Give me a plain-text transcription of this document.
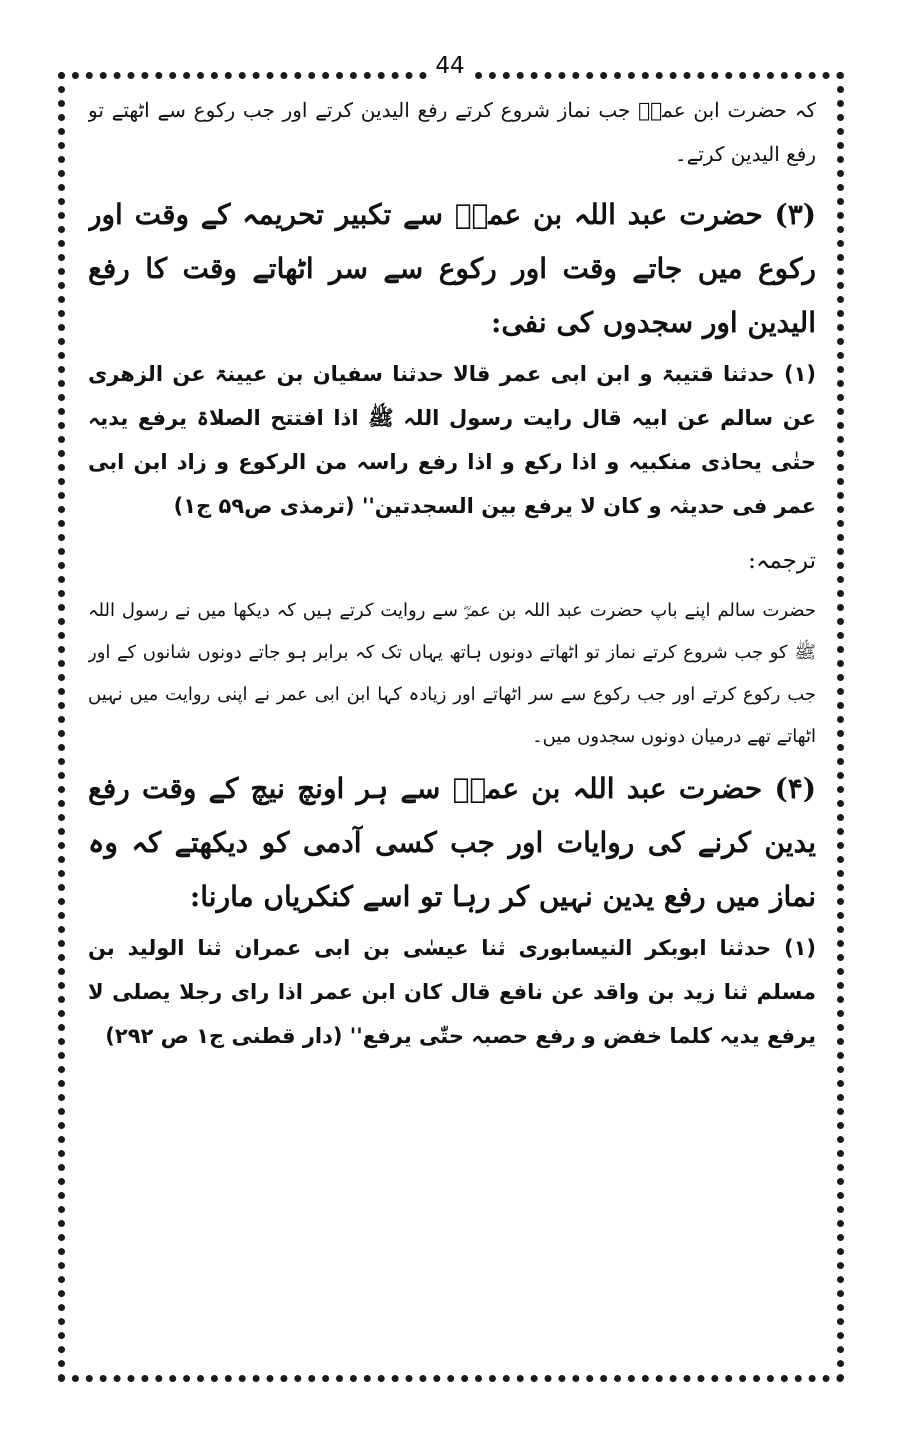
44

کہ حضرت ابن عمرؓ جب نماز شروع کرتے رفع الیدین کرتے اور جب رکوع سے اٹھتے تو رفع الیدین کرتے۔

(۳) حضرت عبد اللہ بن عمرؓ سے تکبیر تحریمہ کے وقت اور رکوع میں جاتے وقت اور رکوع سے سر اٹھاتے وقت کا رفع الیدین اور سجدوں کی نفی:

(۱) حدثنا قتیبۃ و ابن ابی عمر قالا حدثنا سفیان بن عیینۃ عن الزھری عن سالم عن ابیہ قال رایت رسول اللہ ﷺ اذا افتتح الصلاۃ یرفع یدیہ حتٰی یحاذی منکبیہ و اذا رکع و اذا رفع راسہ من الرکوع و زاد ابن ابی عمر فی حدیثہ و کان لا یرفع بین السجدتین'' (ترمذی ص۵۹ ج۱)

ترجمہ:

حضرت سالم اپنے باپ حضرت عبد اللہ بن عمرؓ سے روایت کرتے ہیں کہ دیکھا میں نے رسول اللہ ﷺ کو جب شروع کرتے نماز تو اٹھاتے دونوں ہاتھ یہاں تک کہ برابر ہو جاتے دونوں شانوں کے اور جب رکوع کرتے اور جب رکوع سے سر اٹھاتے اور زیادہ کہا ابن ابی عمر نے اپنی روایت میں نہیں اٹھاتے تھے درمیان دونوں سجدوں میں۔

(۴) حضرت عبد اللہ بن عمرؓ سے ہر اونچ نیچ کے وقت رفع یدین کرنے کی روایات اور جب کسی آدمی کو دیکھتے کہ وہ نماز میں رفع یدین نہیں کر رہا تو اسے کنکریاں مارنا:

(۱) حدثنا ابوبکر النیسابوری ثنا عیسٰی بن ابی عمران ثنا الولید بن مسلم ثنا زید بن واقد عن نافع قال کان ابن عمر اذا رای رجلا یصلی لا یرفع یدیہ کلما خفض و رفع حصبہ حتّٰی یرفع'' (دار قطنی ج۱ ص ۲۹۲)
